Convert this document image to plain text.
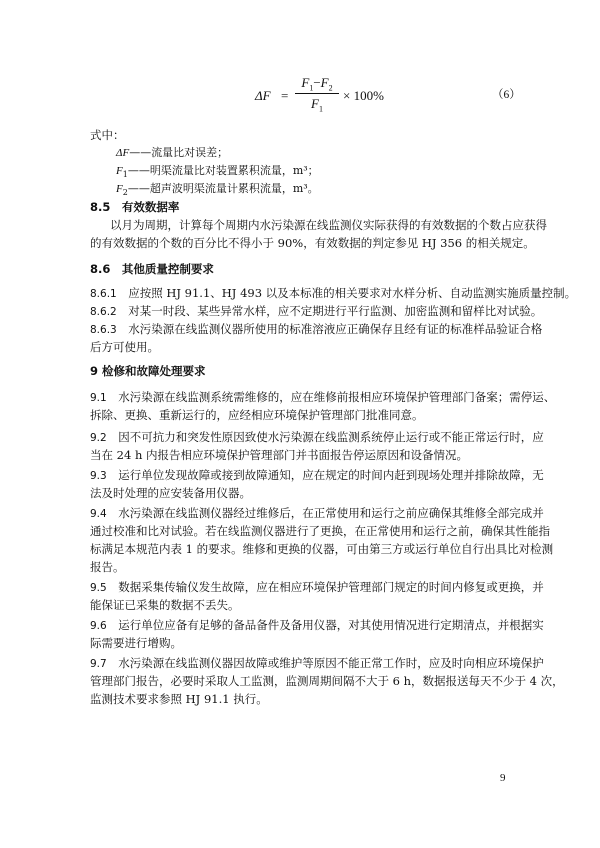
ΔF =
$F_1-F_2$
$F_1$
× 100%	（6）
式中：
ΔF——流量比对误差；
$F_1——$明渠流量比对装置累积流量，m³；
$F_2——$超声波明渠流量计累积流量，m³。
8.5　有效数据率
以月为周期，计算每个周期内水污染源在线监测仪实际获得的有效数据的个数占应获得
的有效数据的个数的百分比不得小于 90%，有效数据的判定参见 HJ 356 的相关规定。
8.6　其他质量控制要求
8.6.1　 应按照 HJ 91.1、HJ 493 以及本标准的相关要求对水样分析、自动监测实施质量控制。
8.6.2　 对某一时段、某些异常水样，应不定期进行平行监测、加密监测和留样比对试验。
8.6.3　 水污染源在线监测仪器所使用的标准溶液应正确保存且经有证的标准样品验证合格
后方可使用。
9 检修和故障处理要求
9.1　 水污染源在线监测系统需维修的，应在维修前报相应环境保护管理部门备案；需停运、
拆除、更换、重新运行的，应经相应环境保护管理部门批准同意。
9.2　 因不可抗力和突发性原因致使水污染源在线监测系统停止运行或不能正常运行时，应
当在 24 h 内报告相应环境保护管理部门并书面报告停运原因和设备情况。
9.3　 运行单位发现故障或接到故障通知，应在规定的时间内赶到现场处理并排除故障，无
法及时处理的应安装备用仪器。
9.4　 水污染源在线监测仪器经过维修后，在正常使用和运行之前应确保其维修全部完成并
通过校准和比对试验。若在线监测仪器进行了更换，在正常使用和运行之前，确保其性能指
标满足本规范内表 1 的要求。维修和更换的仪器，可由第三方或运行单位自行出具比对检测
报告。
9.5　 数据采集传输仪发生故障，应在相应环境保护管理部门规定的时间内修复或更换，并
能保证已采集的数据不丢失。
9.6　 运行单位应备有足够的备品备件及备用仪器，对其使用情况进行定期清点，并根据实
际需要进行增购。
9.7　 水污染源在线监测仪器因故障或维护等原因不能正常工作时，应及时向相应环境保护
管理部门报告，必要时采取人工监测，监测周期间隔不大于 6 h，数据报送每天不少于 4 次，
监测技术要求参照 HJ 91.1 执行。
9
